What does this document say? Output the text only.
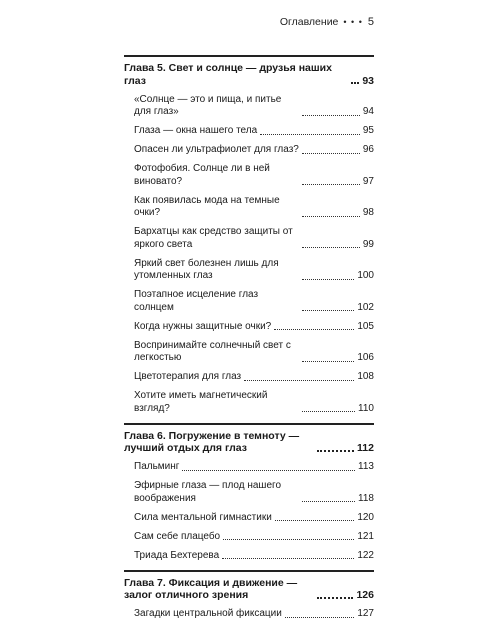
Оглавление • • • 5
Глава 5. Свет и солнце — друзья наших глаз	93
«Солнце — это и пища, и питье для глаз»	94
Глаза — окна нашего тела	95
Опасен ли ультрафиолет для глаз?	96
Фотофобия. Солнце ли в ней виновато?	97
Как появилась мода на темные очки?	98
Бархатцы как средство защиты от яркого света	99
Яркий свет болезнен лишь для утомленных глаз	100
Поэтапное исцеление глаз солнцем	102
Когда нужны защитные очки?	105
Воспринимайте солнечный свет с легкостью	106
Цветотерапия для глаз	108
Хотите иметь магнетический взгляд?	110
Глава 6. Погружение в темноту — лучший отдых для глаз	112
Пальминг	113
Эфирные глаза — плод нашего воображения	118
Сила ментальной гимнастики	120
Сам себе плацебо	121
Триада Бехтерева	122
Глава 7. Фиксация и движение — залог отличного зрения	126
Загадки центральной фиксации	127
